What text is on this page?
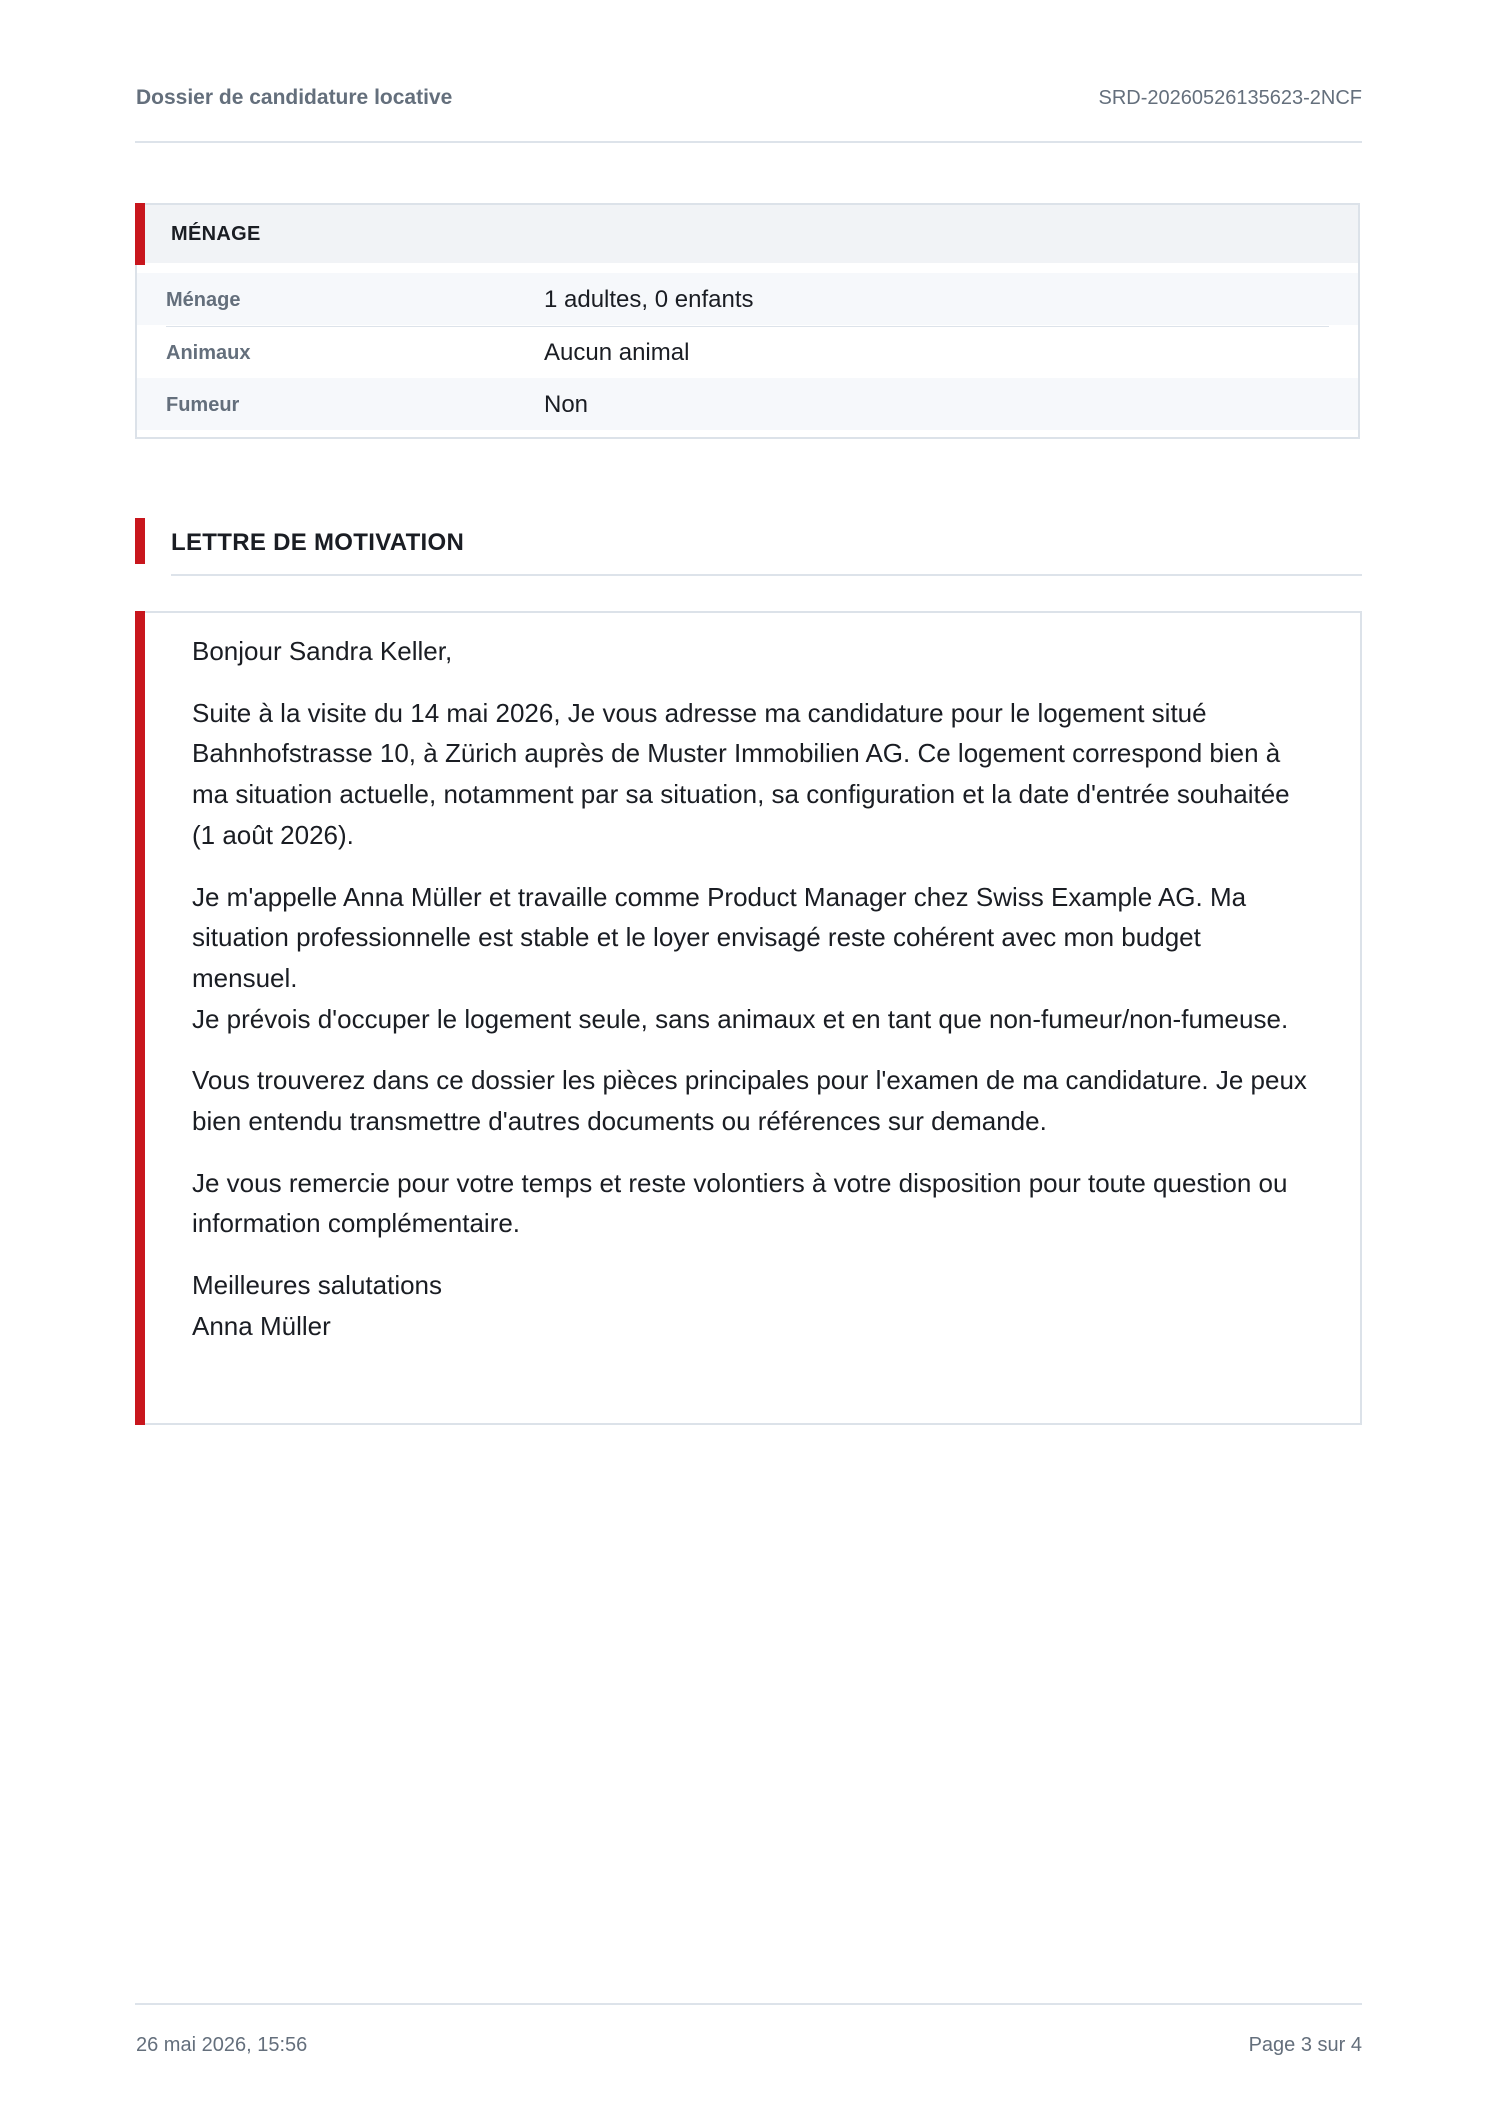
Dossier de candidature locative	SRD-20260526135623-2NCF
MÉNAGE
Ménage	1 adultes, 0 enfants
Animaux	Aucun animal
Fumeur	Non
LETTRE DE MOTIVATION

Bonjour Sandra Keller,

Suite à la visite du 14 mai 2026, Je vous adresse ma candidature pour le logement situé Bahnhofstrasse 10, à Zürich auprès de Muster Immobilien AG. Ce logement correspond bien à ma situation actuelle, notamment par sa situation, sa configuration et la date d'entrée souhaitée (1 août 2026).

Je m'appelle Anna Müller et travaille comme Product Manager chez Swiss Example AG. Ma situation professionnelle est stable et le loyer envisagé reste cohérent avec mon budget mensuel.
Je prévois d'occuper le logement seule, sans animaux et en tant que non-fumeur/non-fumeuse.

Vous trouverez dans ce dossier les pièces principales pour l'examen de ma candidature. Je peux bien entendu transmettre d'autres documents ou références sur demande.

Je vous remercie pour votre temps et reste volontiers à votre disposition pour toute question ou information complémentaire.

Meilleures salutations
Anna Müller

26 mai 2026, 15:56	Page 3 sur 4
